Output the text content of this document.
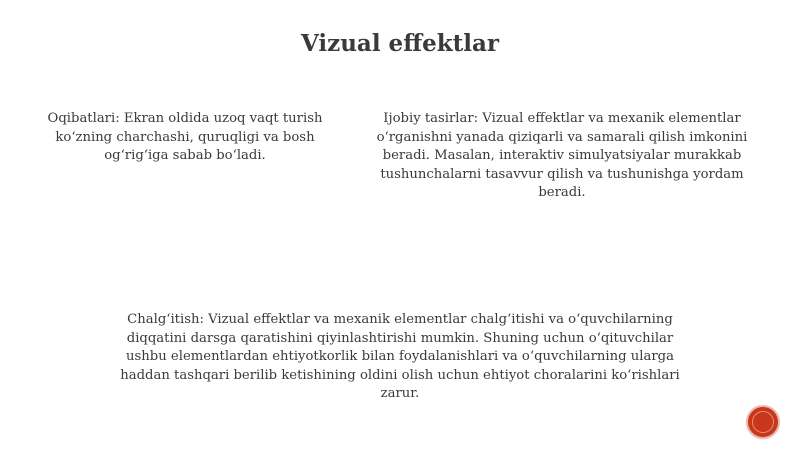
Vizual effektlar
Oqibatlari: Ekran oldida uzoq vaqt turish ko‘zning charchashi, quruqligi va bosh og‘rig‘iga sabab bo‘ladi.
Ijobiy tasirlar: Vizual effektlar va mexanik elementlar o‘rganishni yanada qiziqarli va samarali qilish imkonini beradi. Masalan, interaktiv simulyatsiyalar murakkab tushunchalarni tasavvur qilish va tushunishga yordam beradi.
Chalg‘itish: Vizual effektlar va mexanik elementlar chalg‘itishi va o‘quvchilarning diqqatini darsga qaratishini qiyinlashtirishi mumkin. Shuning uchun o‘qituvchilar ushbu elementlardan ehtiyotkorlik bilan foydalanishlari va o‘quvchilarning ularga haddan tashqari berilib ketishining oldini olish uchun ehtiyot choralarini ko‘rishlari zarur.
